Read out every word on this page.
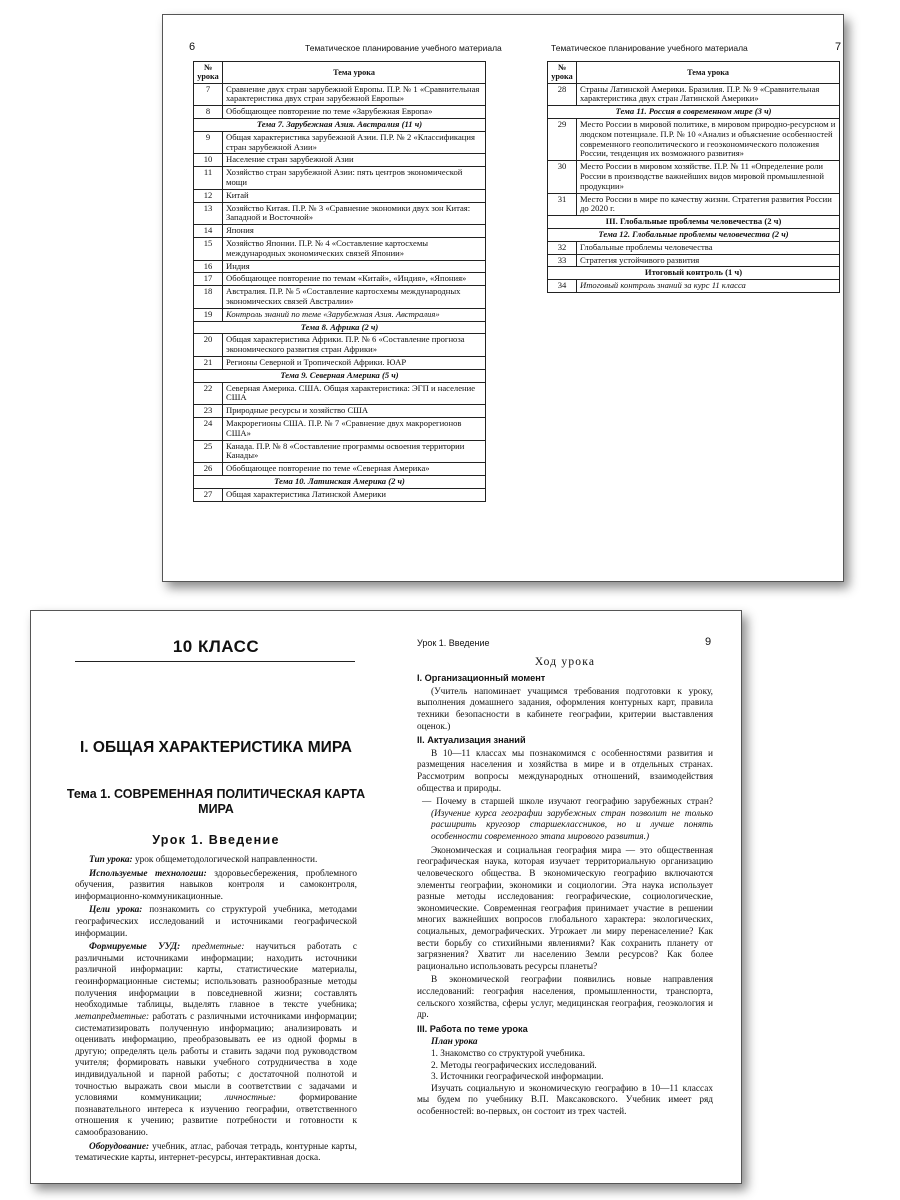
6	Тематическое планирование учебного материала	Тематическое планирование учебного материала	7
№ урока	Тема урока
7	Сравнение двух стран зарубежной Европы. П.Р. № 1 «Сравнительная характеристика двух стран зарубежной Европы»
8	Обобщающее повторение по теме «Зарубежная Европа»
Тема 7. Зарубежная Азия. Австралия (11 ч)	
9	Общая характеристика зарубежной Азии. П.Р. № 2 «Классификация стран зарубежной Азии»
10	Население стран зарубежной Азии
11	Хозяйство стран зарубежной Азии: пять центров экономической мощи
12	Китай
13	Хозяйство Китая. П.Р. № 3 «Сравнение экономики двух зон Китая: Западной и Восточной»
14	Япония
15	Хозяйство Японии. П.Р. № 4 «Составление картосхемы международных экономических связей Японии»
16	Индия
17	Обобщающее повторение по темам «Китай», «Индия», «Япония»
18	Австралия. П.Р. № 5 «Составление картосхемы международных экономических связей Австралии»
19	Контроль знаний по теме «Зарубежная Азия. Австралия»
Тема 8. Африка (2 ч)	
20	Общая характеристика Африки. П.Р. № 6 «Составление прогноза экономического развития стран Африки»
21	Регионы Северной и Тропической Африки. ЮАР
Тема 9. Северная Америка (5 ч)	
22	Северная Америка. США. Общая характеристика: ЭГП и население США
23	Природные ресурсы и хозяйство США
24	Макрорегионы США. П.Р. № 7 «Сравнение двух макрорегионов США»
25	Канада. П.Р. № 8 «Составление программы освоения территории Канады»
26	Обобщающее повторение по теме «Северная Америка»
Тема 10. Латинская Америка (2 ч)	
27	Общая характеристика Латинской Америки
№ урока	Тема урока
28	Страны Латинской Америки. Бразилия. П.Р. № 9 «Сравнительная характеристика двух стран Латинской Америки»
Тема 11. Россия в современном мире (3 ч)	
29	Место России в мировой политике, в мировом природно-ресурсном и людском потенциале. П.Р. № 10 «Анализ и объяснение особенностей современного геополитического и геоэкономического положения России, тенденция их возможного развития»
30	Место России в мировом хозяйстве. П.Р. № 11 «Определение роли России в производстве важнейших видов мировой промышленной продукции»
31	Место России в мире по качеству жизни. Стратегия развития России до 2020 г.
III. Глобальные проблемы человечества (2 ч)	
Тема 12. Глобальные проблемы человечества (2 ч)	
32	Глобальные проблемы человечества
33	Стратегия устойчивого развития
Итоговый контроль (1 ч)	
34	Итоговый контроль знаний за курс 11 класса
10 КЛАСС
I. ОБЩАЯ ХАРАКТЕРИСТИКА МИРА
Тема 1. СОВРЕМЕННАЯ ПОЛИТИЧЕСКАЯ КАРТА МИРА
Урок 1. Введение

Тип урока: урок общеметодологической направленности.

Используемые технологии: здоровьесбережения, проблемного обучения, развития навыков контроля и самоконтроля, информационно-коммуникационные.

Цели урока: познакомить со структурой учебника, методами географических исследований и источниками географической информации.

Формируемые УУД: предметные: научиться работать с различными источниками информации; находить источники различной информации: карты, статистические материалы, геоинформационные системы; использовать разнообразные методы получения информации в повседневной жизни; составлять необходимые таблицы, выделять главное в тексте учебника; метапредметные: работать с различными источниками информации; систематизировать полученную информацию; анализировать и оценивать информацию, преобразовывать ее из одной формы в другую; определять цель работы и ставить задачи под руководством учителя; формировать навыки учебного сотрудничества в ходе индивидуальной и парной работы; с достаточной полнотой и точностью выражать свои мысли в соответствии с задачами и условиями коммуникации; личностные: формирование познавательного интереса к изучению географии, ответственного отношения к учению; развитие потребности и готовности к самообразованию.

Оборудование: учебник, атлас, рабочая тетрадь, контурные карты, тематические карты, интернет-ресурсы, интерактивная доска.

Урок 1. Введение	9
Ход урока

I. Организационный момент

(Учитель напоминает учащимся требования подготовки к уроку, выполнения домашнего задания, оформления контурных карт, правила техники безопасности в кабинете географии, критерии выставления оценок.)

II. Актуализация знаний

В 10—11 классах мы познакомимся с особенностями развития и размещения населения и хозяйства в мире и в отдельных странах. Рассмотрим вопросы международных отношений, взаимодействия общества и природы.

— Почему в старшей школе изучают географию зарубежных стран? (Изучение курса географии зарубежных стран позволит не только расширить кругозор старшеклассников, но и лучше понять особенности современного этапа мирового развития.)

Экономическая и социальная география мира — это общественная географическая наука, которая изучает территориальную организацию человеческого общества. В экономическую географию включаются элементы географии, экономики и социологии. Эта наука использует разные методы исследования: географические, социологические, экономические. Современная география принимает участие в решении многих важнейших вопросов глобального характера: экологических, социальных, демографических. Угрожает ли миру перенаселение? Как вести борьбу со стихийными явлениями? Как сохранить планету от загрязнения? Хватит ли населению Земли ресурсов? Как более рационально использовать ресурсы планеты?

В экономической географии появились новые направления исследований: география населения, промышленности, транспорта, сельского хозяйства, сферы услуг, медицинская география, геоэкология и др.

III. Работа по теме урока

План урока
1. Знакомство со структурой учебника.
2. Методы географических исследований.
3. Источники географической информации.

Изучать социальную и экономическую географию в 10—11 классах мы будем по учебнику В.П. Максаковского. Учебник имеет ряд особенностей: во-первых, он состоит из трех частей.
